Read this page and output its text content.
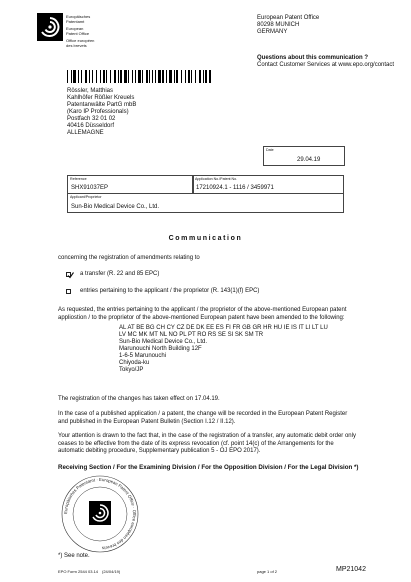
Europäisches
Patentamt
European
Patent Office
Office européen
des brevets
European Patent Office
80298 MUNICH
GERMANY
Questions about this communication ?
Contact Customer Services at www.epo.org/contact
Rössler, Matthias
Kahlhöfer Rößler Kreuels
Patentanwälte PartG mbB
(Karo IP Professionals)
Postfach 32 01 02
40416 Düsseldorf
ALLEMAGNE
Date
29.04.19
Reference
SHX91037EP
Application No./Patent No.
17210924.1 - 1116 / 3459971
Applicant/Proprietor
Sun-Bio Medical Device Co., Ltd.
Communication
concerning the registration of amendments relating to
a transfer (R. 22 and 85 EPC)
entries pertaining to the applicant / the proprietor (R. 143(1)(f) EPC)

As requested, the entries pertaining to the applicant / the proprietor of the above-mentioned European patent appliostion / to the proprietor of the above-mentioned European patent have been amended to the following:

AL AT BE BG CH CY CZ DE DK EE ES FI FR GB GR HR HU IE IS IT LI LT LU
LV MC MK MT NL NO PL PT RO RS SE SI SK SM TR
Sun-Bio Medical Device Co., Ltd.
Marunouchi North Building 12F
1-6-5 Marunouchi
Chiyoda-ku
Tokyo/JP

The registration of the changes has taken effect on 17.04.19.

In the case of a published application / a patent, the change will be recorded in the European Patent Register and published in the European Patent Bulletin (Section I.12 / II.12).

Your attention is drawn to the fact that, in the case of the registration of a transfer, any automatic debit order only ceases to be effective from the date of its express revocation (cf. point 14(c) of the Arrangements for the automatic debiting procedure, Supplementary publication 5 - OJ EPO 2017).

Receiving Section / For the Examining Division / For the Opposition Division / For the Legal Division *)
Europäisches Patentamt · European Patent Office · Office européen des brevets
*) See note.
EPO Form 2544 03.14 (24/04/19)	page 1 of 2	MP21042
